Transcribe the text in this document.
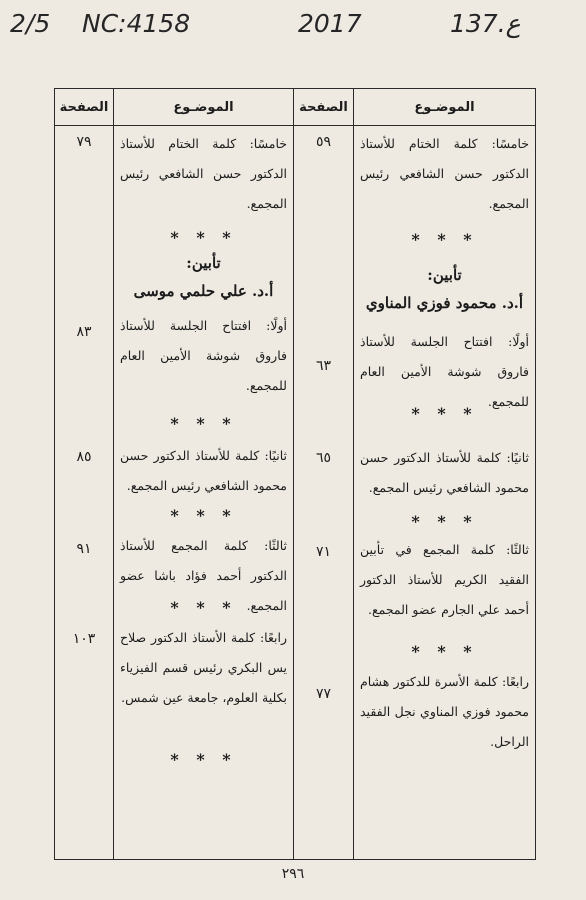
2/5 NC:4158	2017	137.ع
الموضـوع
خامسًا: كلمة الختام للأستاذ الدكتور حسن الشافعي رئيس المجمع.
* * *
تأبين:
أ.د. محمود فوزي المناوي
أولًا: افتتاح الجلسة للأستاذ فاروق شوشة الأمين العام للمجمع.
* * *
ثانيًا: كلمة للأستاذ الدكتور حسن محمود الشافعي رئيس المجمع.
* * *
ثالثًا: كلمة المجمع في تأبين الفقيد الكريم للأستاذ الدكتور أحمد علي الجارم عضو المجمع.
* * *
رابعًا: كلمة الأسرة للدكتور هشام محمود فوزي المناوي نجل الفقيد الراحل.
الصفحة
٥٩
٦٣
٦٥
٧١
٧٧
الموضـوع
خامسًا: كلمة الختام للأستاذ الدكتور حسن الشافعي رئيس المجمع.
* * *
تأبين:
أ.د. علي حلمي موسى
أولًا: افتتاح الجلسة للأستاذ فاروق شوشة الأمين العام للمجمع.
* * *
ثانيًا: كلمة للأستاذ الدكتور حسن محمود الشافعي رئيس المجمع.
* * *
ثالثًا: كلمة المجمع للأستاذ الدكتور أحمد فؤاد باشا عضو المجمع.
* * *
رابعًا: كلمة الأستاذ الدكتور صلاح يس البكري رئيس قسم الفيزياء بكلية العلوم، جامعة عين شمس.
* * *
الصفحة
٧٩
٨٣
٨٥
٩١
١٠٣
٢٩٦
